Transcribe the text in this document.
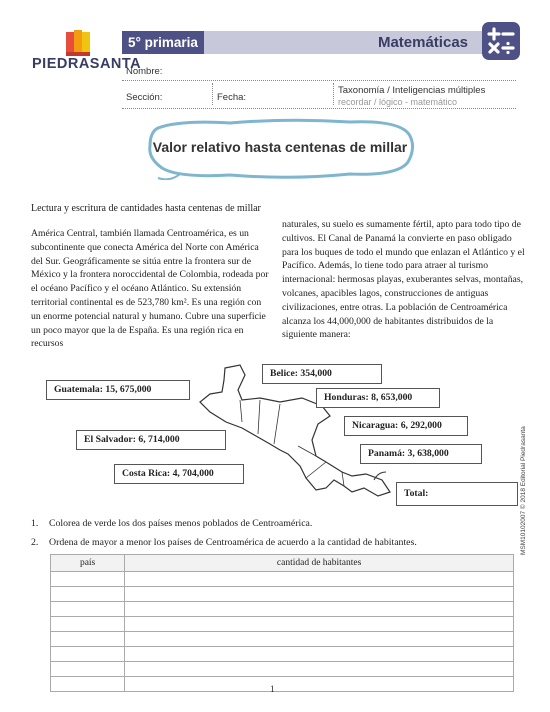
PIEDRASANTA
5° primaria	Matemáticas
Nombre:
Sección:	Fecha:
Taxonomía / Inteligencias múltiples
recordar / lógico - matemático
Valor relativo hasta centenas de millar
Lectura y escritura de cantidades hasta centenas de millar
América Central, también llamada Centroamérica, es un subcontinente que conecta América del Norte con América del Sur. Geográficamente se sitúa entre la frontera sur de México y la frontera noroccidental de Colombia, rodeada por el océano Pacífico y el océano Atlántico. Su extensión territorial continental es de 523,780 km². Es una región con un enorme potencial natural y humano. Cubre una superficie un poco mayor que la de España. Es una región rica en recursos
naturales, su suelo es sumamente fértil, apto para todo tipo de cultivos. El Canal de Panamá la convierte en paso obligado para los buques de todo el mundo que enlazan el Atlántico y el Pacífico. Además, lo tiene todo para atraer al turismo internacional: hermosas playas, exuberantes selvas, montañas, volcanes, apacibles lagos, construcciones de antiguas civilizaciones, entre otras. La población de Centroamérica alcanza los 44,000,000 de habitantes distribuidos de la siguiente manera:
Guatemala: 15, 675,000
Belice: 354,000
Honduras: 8, 653,000
El Salvador: 6, 714,000
Nicaragua: 6, 292,000
Panamá: 3, 638,000
Costa Rica: 4, 704,000
Total:
1. Colorea de verde los dos países menos poblados de Centroamérica.
2. Ordena de mayor a menor los países de Centroamérica de acuerdo a la cantidad de habitantes.
país	cantidad de habitantes

1
MSM10102007 © 2018 Editorial Piedrasanta
